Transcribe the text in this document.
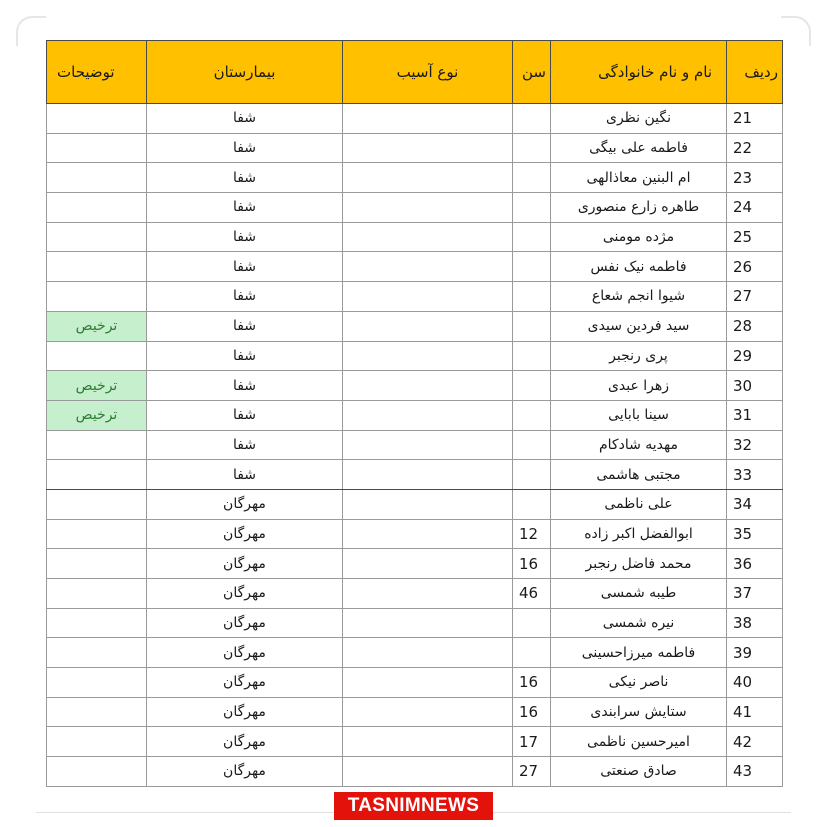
ردیف	نام و نام خانوادگی	سن	نوع آسیب	بیمارستان	توضیحات
21	نگین نظری			شفا	
22	فاطمه علی بیگی			شفا	
23	ام البنین معاذالهی			شفا	
24	طاهره زارع منصوری			شفا	
25	مژده مومنی			شفا	
26	فاطمه نیک نفس			شفا	
27	شیوا انجم شعاع			شفا	
28	سید فردین سیدی			شفا	ترخیص
29	پری رنجبر			شفا	
30	زهرا عبدی			شفا	ترخیص
31	سینا بابایی			شفا	ترخیص
32	مهدیه شادکام			شفا	
33	مجتبی هاشمی			شفا	
34	علی ناظمی			مهرگان	
35	ابوالفضل اکبر زاده	12		مهرگان	
36	محمد فاضل رنجبر	16		مهرگان	
37	طیبه شمسی	46		مهرگان	
38	نیره شمسی			مهرگان	
39	فاطمه میرزاحسینی			مهرگان	
40	ناصر نیکی	16		مهرگان	
41	ستایش سرابندی	16		مهرگان	
42	امیرحسین ناظمی	17		مهرگان	
43	صادق صنعتی	27		مهرگان	
TASNIMNEWS
